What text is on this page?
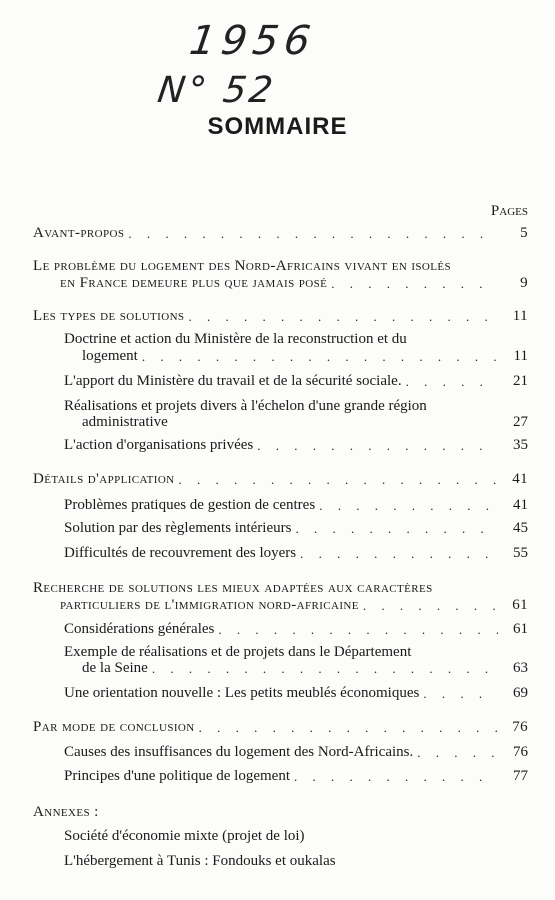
1956
N° 52
SOMMAIRE
Pages
Avant-propos . . .	5
Le problème du logement des Nord-Africains vivant en isolés
en France demeure plus que jamais posé . . .	9
Les types de solutions . . .	11
Doctrine et action du Ministère de la reconstruction et du
logement . . .	11
L'apport du Ministère du travail et de la sécurité sociale. . . .	21
Réalisations et projets divers à l'échelon d'une grande région
administrative	27
L'action d'organisations privées . . .	35
Détails d'application . . .	41
Problèmes pratiques de gestion de centres . . .	41
Solution par des règlements intérieurs . . .	45
Difficultés de recouvrement des loyers . . .	55
Recherche de solutions les mieux adaptées aux caractères
particuliers de l'immigration nord-africaine . . .	61
Considérations générales . . .	61
Exemple de réalisations et de projets dans le Département
de la Seine . . .	63
Une orientation nouvelle : Les petits meublés économiques . . .	69
Par mode de conclusion . . .	76
Causes des insuffisances du logement des Nord-Africains. . . .	76
Principes d'une politique de logement . . .	77
Annexes :
Société d'économie mixte (projet de loi)
L'hébergement à Tunis : Fondouks et oukalas
